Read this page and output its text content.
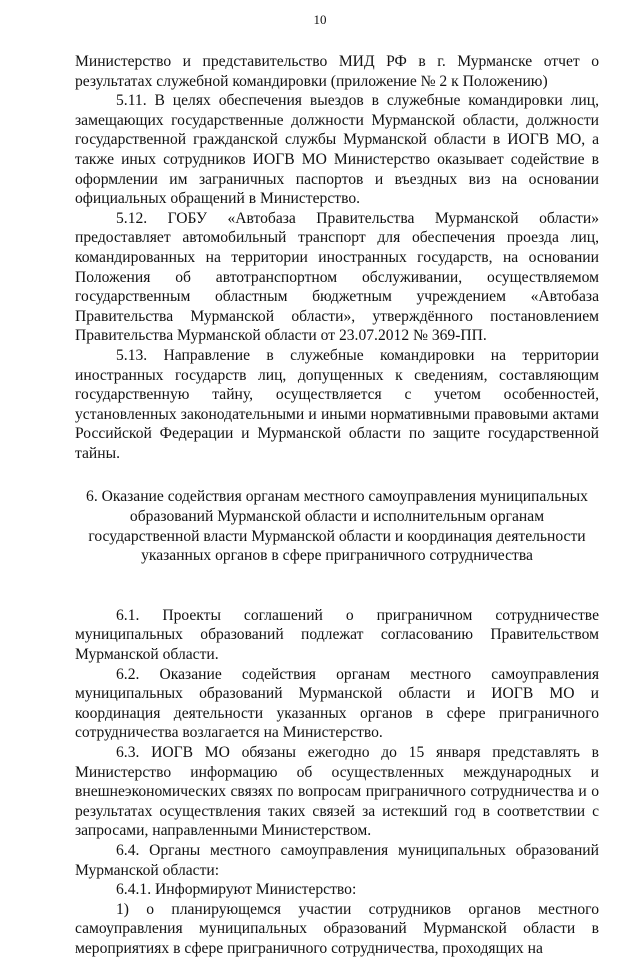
10

Министерство и представительство МИД РФ в г. Мурманске отчет о результатах служебной командировки (приложение № 2 к Положению)

5.11. В целях обеспечения выездов в служебные командировки лиц, замещающих государственные должности Мурманской области, должности государственной гражданской службы Мурманской области в ИОГВ МО, а также иных сотрудников ИОГВ МО Министерство оказывает содействие в оформлении им заграничных паспортов и въездных виз на основании официальных обращений в Министерство.

5.12. ГОБУ «Автобаза Правительства Мурманской области» предоставляет автомобильный транспорт для обеспечения проезда лиц, командированных на территории иностранных государств, на основании Положения об автотранспортном обслуживании, осуществляемом государственным областным бюджетным учреждением «Автобаза Правительства Мурманской области», утверждённого постановлением Правительства Мурманской области от 23.07.2012 № 369-ПП.

5.13. Направление в служебные командировки на территории иностранных государств лиц, допущенных к сведениям, составляющим государственную тайну, осуществляется с учетом особенностей, установленных законодательными и иными нормативными правовыми актами Российской Федерации и Мурманской области по защите государственной тайны.

6. Оказание содействия органам местного самоуправления муниципальных образований Мурманской области и исполнительным органам государственной власти Мурманской области и координация деятельности указанных органов в сфере приграничного сотрудничества

6.1. Проекты соглашений о приграничном сотрудничестве муниципальных образований подлежат согласованию Правительством Мурманской области.

6.2. Оказание содействия органам местного самоуправления муниципальных образований Мурманской области и ИОГВ МО и координация деятельности указанных органов в сфере приграничного сотрудничества возлагается на Министерство.

6.3. ИОГВ МО обязаны ежегодно до 15 января представлять в Министерство информацию об осуществленных международных и внешнеэкономических связях по вопросам приграничного сотрудничества и о результатах осуществления таких связей за истекший год в соответствии с запросами, направленными Министерством.

6.4. Органы местного самоуправления муниципальных образований Мурманской области:

6.4.1. Информируют Министерство:

1) о планирующемся участии сотрудников органов местного самоуправления муниципальных образований Мурманской области в мероприятиях в сфере приграничного сотрудничества, проходящих на
